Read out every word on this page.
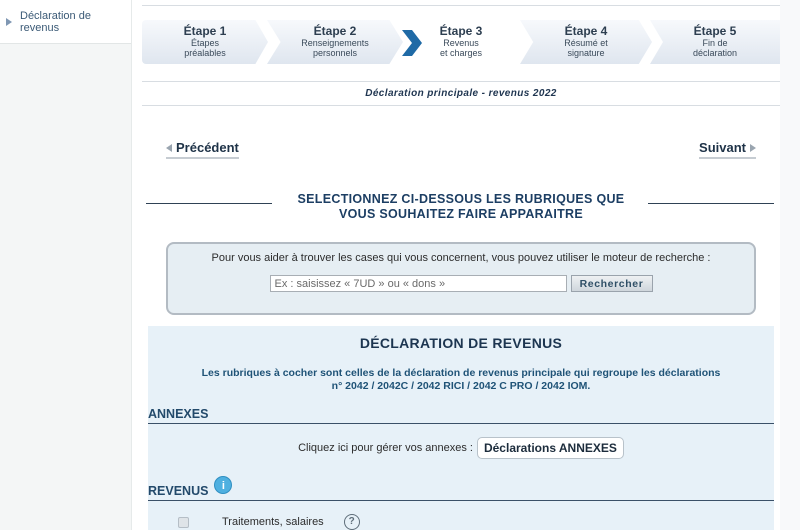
Déclaration de revenus	Étape 1
Étapes
préalables
Étape 2
Renseignements
personnels
Étape 3
Revenus
et charges
Étape 4
Résumé et
signature
Étape 5
Fin de
déclaration
Déclaration principale - revenus 2022
Précédent	Suivant
SELECTIONNEZ CI-DESSOUS LES RUBRIQUES QUE
VOUS SOUHAITEZ FAIRE APPARAITRE
Pour vous aider à trouver les cases qui vous concernent, vous pouvez utiliser le moteur de recherche :
Ex : saisissez « 7UD » ou « dons »
Rechercher
DÉCLARATION DE REVENUS
Les rubriques à cocher sont celles de la déclaration de revenus principale qui regroupe les déclarations
n° 2042 / 2042C / 2042 RICI / 2042 C PRO / 2042 IOM.
ANNEXES
Cliquez ici pour gérer vos annexes : Déclarations ANNEXES
REVENUS	i
Traitements, salaires	?
